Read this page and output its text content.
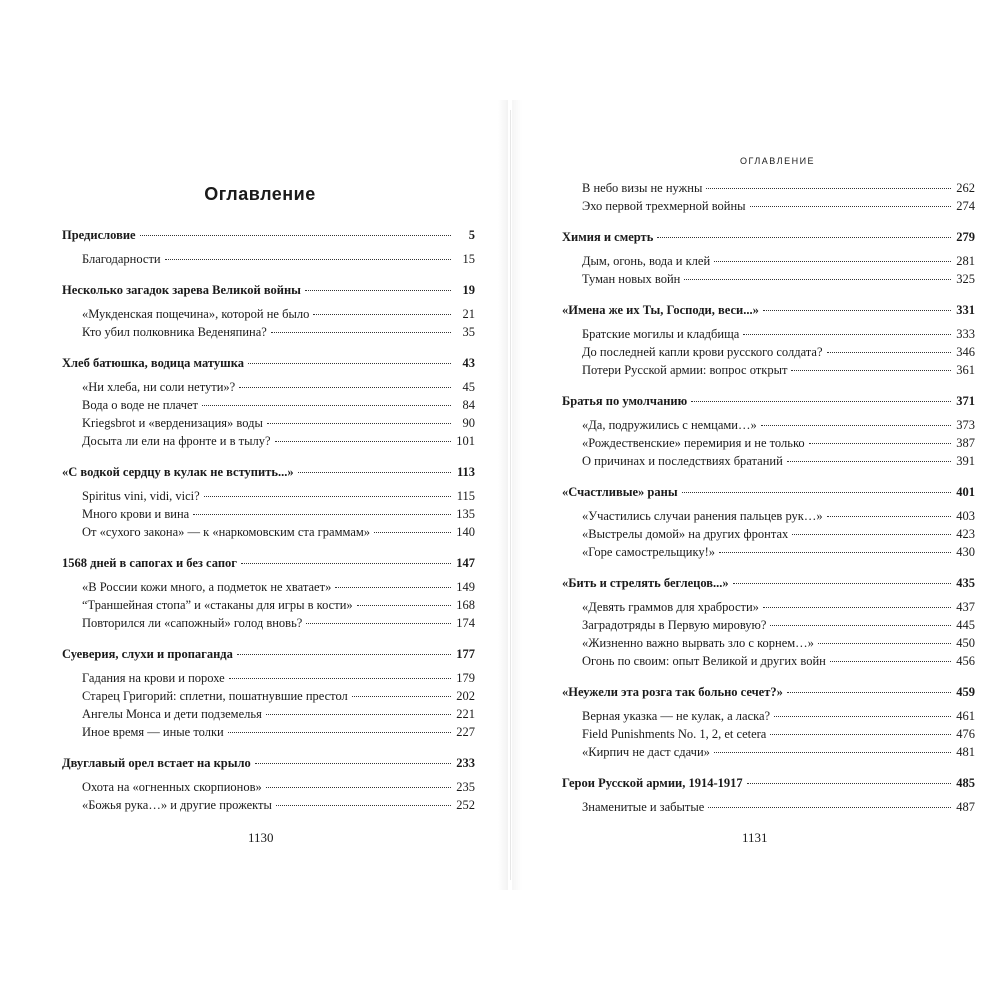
Оглавление
Предисловие	5
Благодарности	15
Несколько загадок зарева Великой войны	19
«Мукденская пощечина», которой не было	21
Кто убил полковника Веденяпина?	35
Хлеб батюшка, водица матушка	43
«Ни хлеба, ни соли нетути»?	45
Вода о воде не плачет	84
Kriegsbrot и «верденизация» воды	90
Досыта ли ели на фронте и в тылу?	101
«С водкой сердцу в кулак не вступить...»	113
Spiritus vini, vidi, vici?	115
Много крови и вина	135
От «сухого закона» — к «наркомовским ста граммам»	140
1568 дней в сапогах и без сапог	147
«В России кожи много, а подметок не хватает»	149
“Траншейная стопа” и «стаканы для игры в кости»	168
Повторился ли «сапожный» голод вновь?	174
Суеверия, слухи и пропаганда	177
Гадания на крови и порохе	179
Старец Григорий: сплетни, пошатнувшие престол	202
Ангелы Монса и дети подземелья	221
Иное время — иные толки	227
Двуглавый орел встает на крыло	233
Охота на «огненных скорпионов»	235
«Божья рука…» и другие прожекты	252
1130
ОГЛАВЛЕНИЕ
В небо визы не нужны	262
Эхо первой трехмерной войны	274
Химия и смерть	279
Дым, огонь, вода и клей	281
Туман новых войн	325
«Имена же их Ты, Господи, веси...»	331
Братские могилы и кладбища	333
До последней капли крови русского солдата?	346
Потери Русской армии: вопрос открыт	361
Братья по умолчанию	371
«Да, подружились с немцами…»	373
«Рождественские» перемирия и не только	387
О причинах и последствиях братаний	391
«Счастливые» раны	401
«Участились случаи ранения пальцев рук…»	403
«Выстрелы домой» на других фронтах	423
«Горе самострельщику!»	430
«Бить и стрелять беглецов...»	435
«Девять граммов для храбрости»	437
Заградотряды в Первую мировую?	445
«Жизненно важно вырвать зло с корнем…»	450
Огонь по своим: опыт Великой и других войн	456
«Неужели эта розга так больно сечет?»	459
Верная указка — не кулак, а ласка?	461
Field Punishments No. 1, 2, et cetera	476
«Кирпич не даст сдачи»	481
Герои Русской армии, 1914-1917	485
Знаменитые и забытые	487
1131
